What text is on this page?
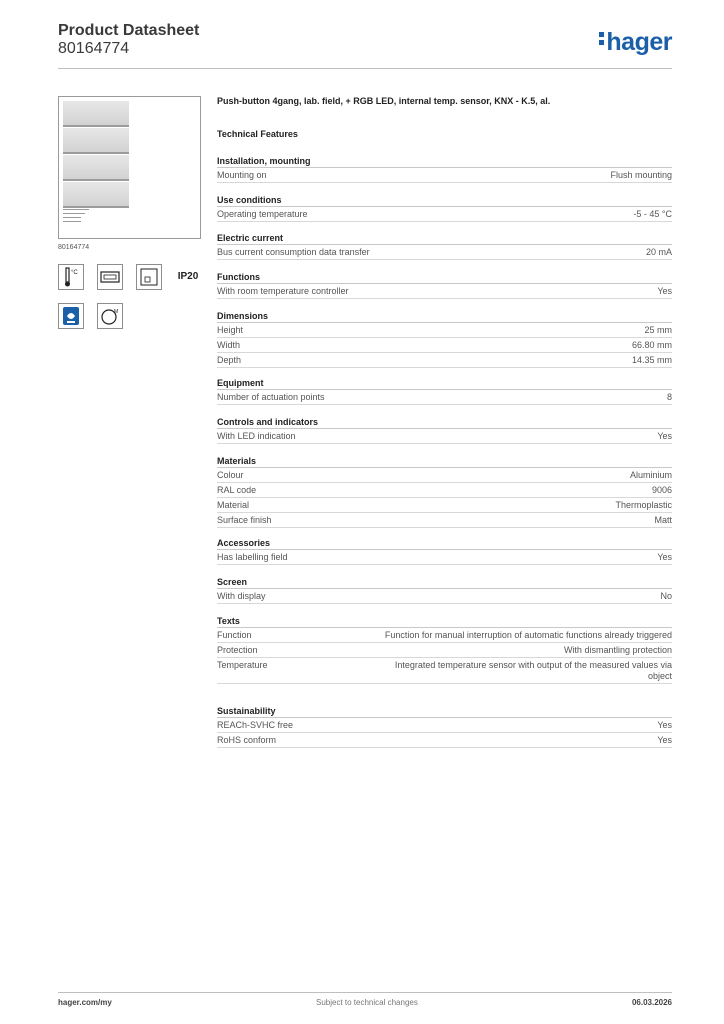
Product Datasheet
80164774	hager
80164774
°C	IP20
M
Push-button 4gang, lab. field, + RGB LED, internal temp. sensor, KNX - K.5, al.
Technical Features
Installation, mounting
Mounting on	Flush mounting
Use conditions
Operating temperature	-5 - 45 °C
Electric current
Bus current consumption data transfer	20 mA
Functions
With room temperature controller	Yes
Dimensions
Height	25 mm
Width	66.80 mm
Depth	14.35 mm
Equipment
Number of actuation points	8
Controls and indicators
With LED indication	Yes
Materials
Colour	Aluminium
RAL code	9006
Material	Thermoplastic
Surface finish	Matt
Accessories
Has labelling field	Yes
Screen
With display	No
Texts
Function	Function for manual interruption of automatic functions already triggered
Protection	With dismantling protection
Temperature	Integrated temperature sensor with output of the measured values via object
Sustainability
REACh-SVHC free	Yes
RoHS conform	Yes
hager.com/my	Subject to technical changes	06.03.2026
